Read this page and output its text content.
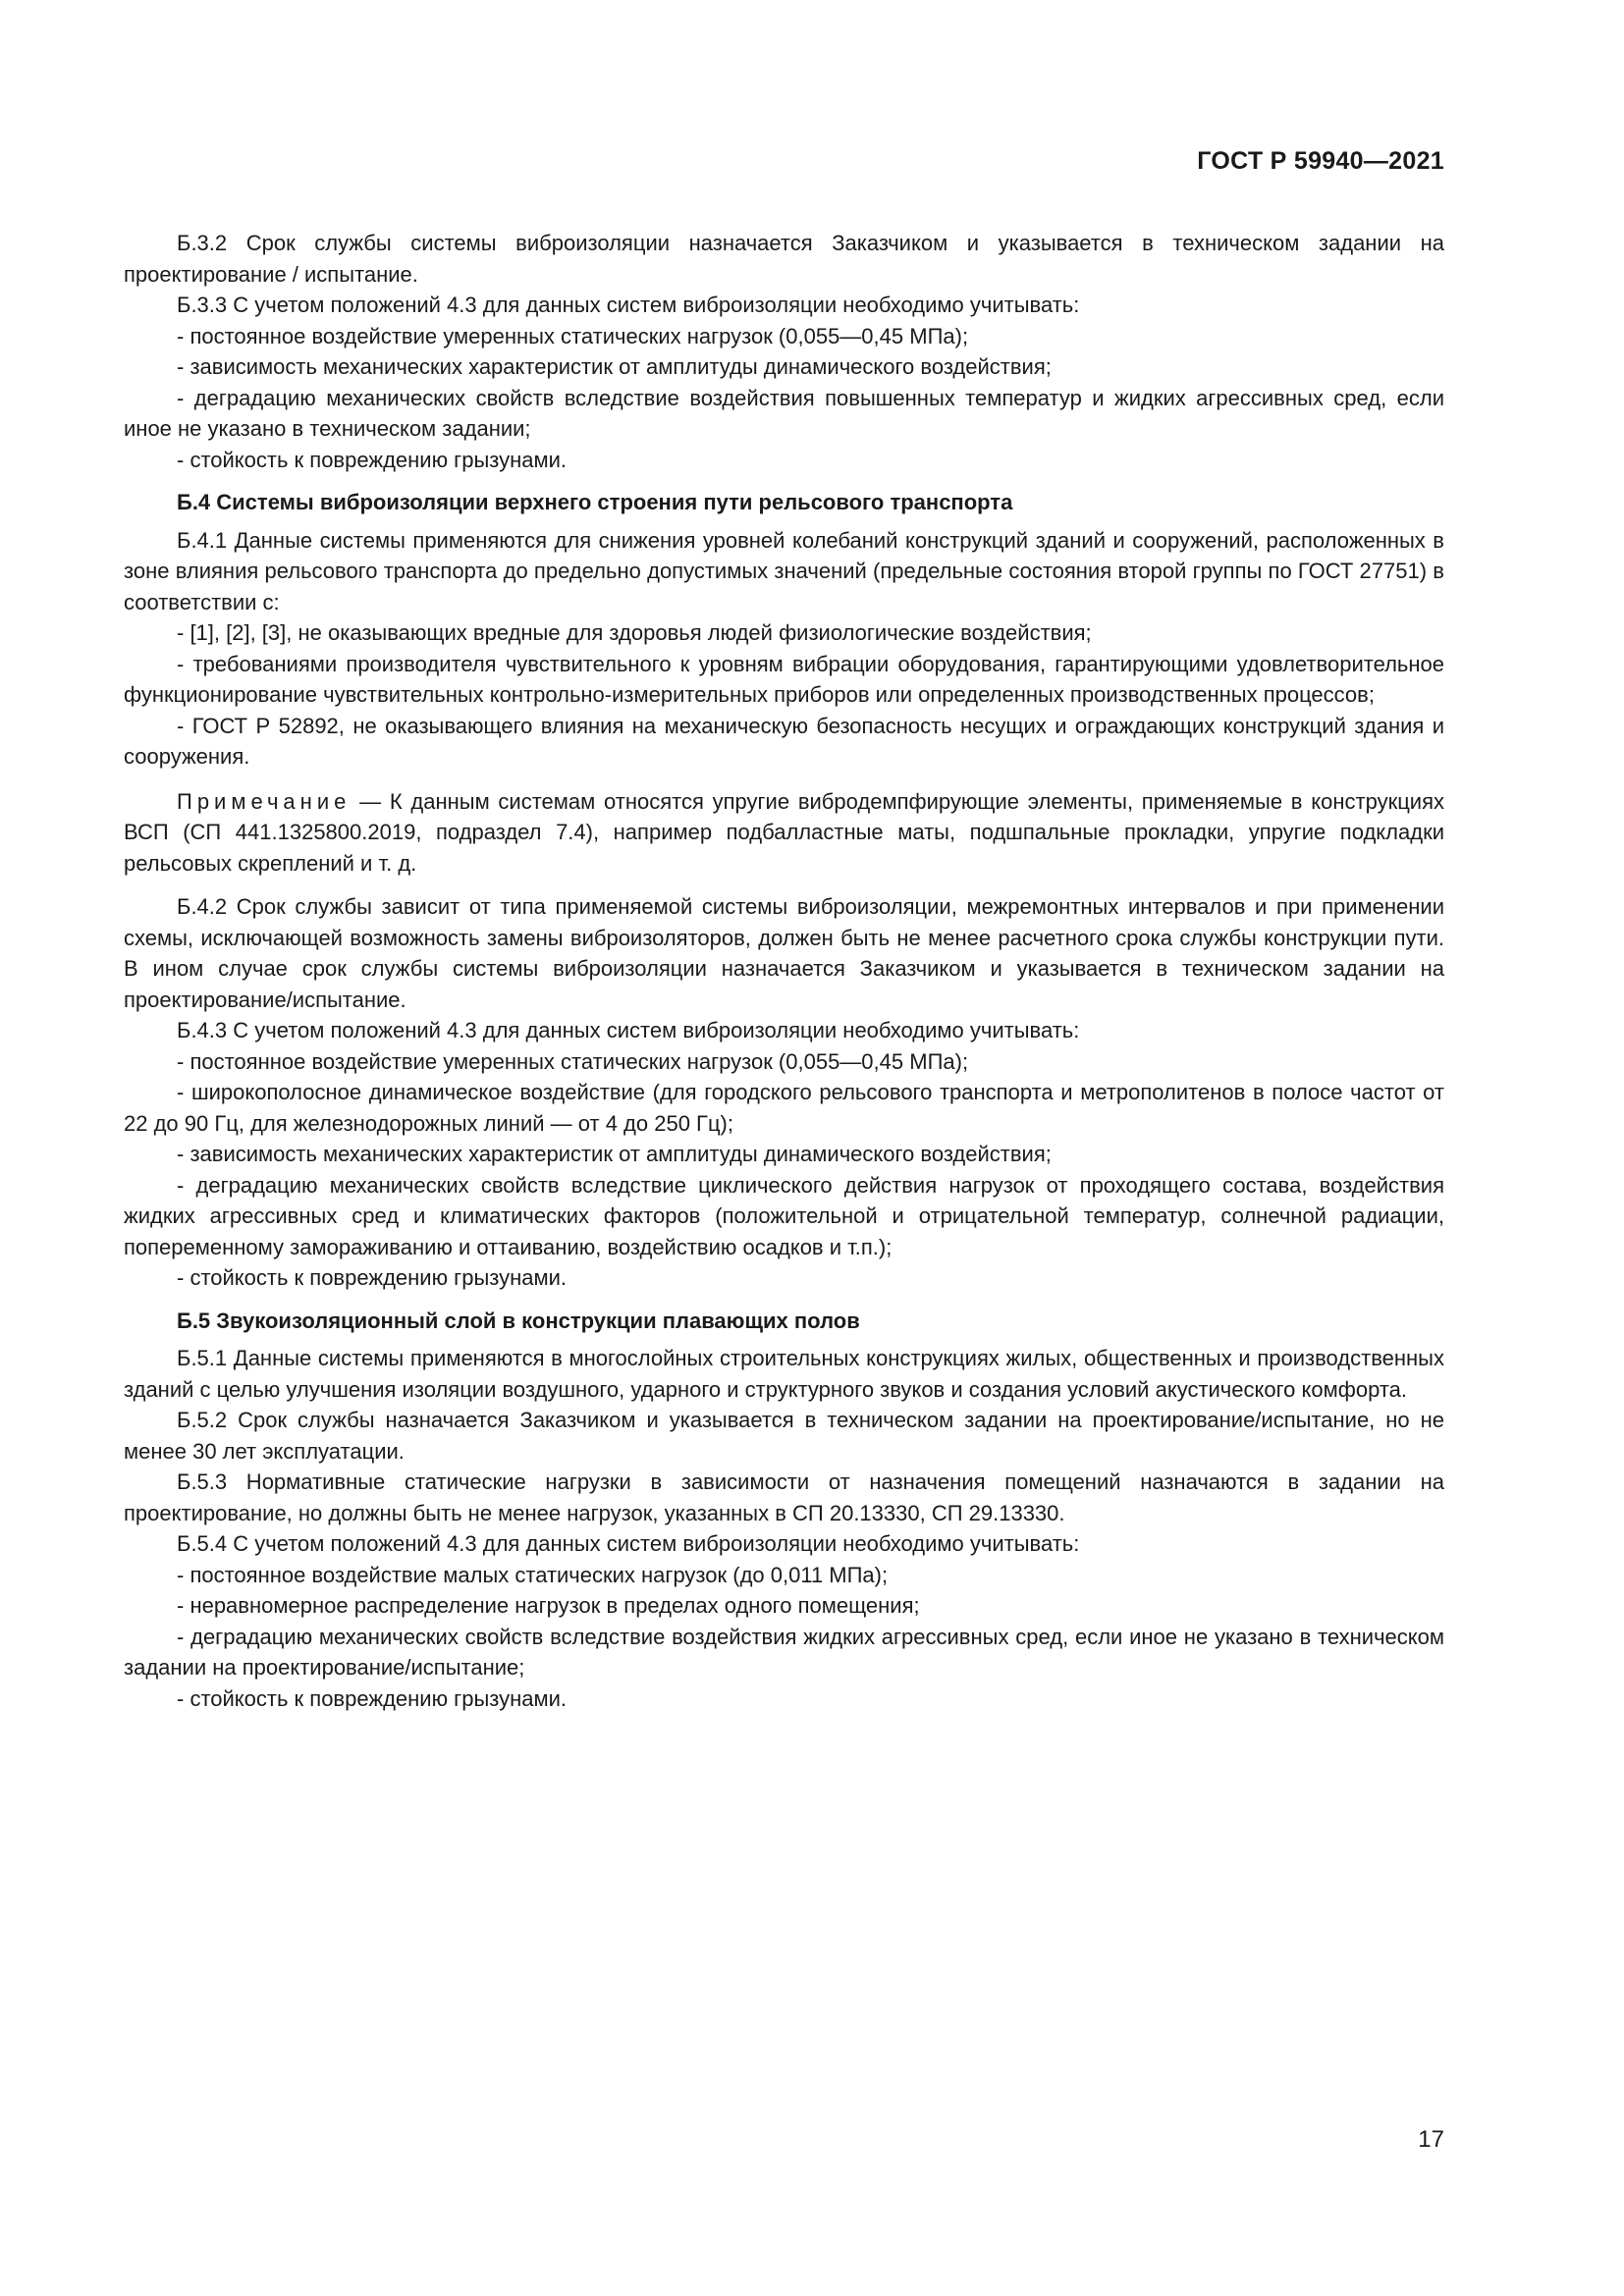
ГОСТ Р 59940—2021

Б.3.2 Срок службы системы виброизоляции назначается Заказчиком и указывается в техническом задании на проектирование / испытание.

Б.3.3 С учетом положений 4.3 для данных систем виброизоляции необходимо учитывать:

- постоянное воздействие умеренных статических нагрузок (0,055—0,45 МПа);

- зависимость механических характеристик от амплитуды динамического воздействия;

- деградацию механических свойств вследствие воздействия повышенных температур и жидких агрессивных сред, если иное не указано в техническом задании;

- стойкость к повреждению грызунами.

Б.4 Системы виброизоляции верхнего строения пути рельсового транспорта

Б.4.1 Данные системы применяются для снижения уровней колебаний конструкций зданий и сооружений, расположенных в зоне влияния рельсового транспорта до предельно допустимых значений (предельные состояния второй группы по ГОСТ 27751) в соответствии с:

- [1], [2], [3], не оказывающих вредные для здоровья людей физиологические воздействия;

- требованиями производителя чувствительного к уровням вибрации оборудования, гарантирующими удовлетворительное функционирование чувствительных контрольно-измерительных приборов или определенных производственных процессов;

- ГОСТ Р 52892, не оказывающего влияния на механическую безопасность несущих и ограждающих конструкций здания и сооружения.

Примечание — К данным системам относятся упругие вибродемпфирующие элементы, применяемые в конструкциях ВСП (СП 441.1325800.2019, подраздел 7.4), например подбалластные маты, подшпальные прокладки, упругие подкладки рельсовых скреплений и т. д.

Б.4.2 Срок службы зависит от типа применяемой системы виброизоляции, межремонтных интервалов и при применении схемы, исключающей возможность замены виброизоляторов, должен быть не менее расчетного срока службы конструкции пути. В ином случае срок службы системы виброизоляции назначается Заказчиком и указывается в техническом задании на проектирование/испытание.

Б.4.3 С учетом положений 4.3 для данных систем виброизоляции необходимо учитывать:

- постоянное воздействие умеренных статических нагрузок (0,055—0,45 МПа);

- широкополосное динамическое воздействие (для городского рельсового транспорта и метрополитенов в полосе частот от 22 до 90 Гц, для железнодорожных линий — от 4 до 250 Гц);

- зависимость механических характеристик от амплитуды динамического воздействия;

- деградацию механических свойств вследствие циклического действия нагрузок от проходящего состава, воздействия жидких агрессивных сред и климатических факторов (положительной и отрицательной температур, солнечной радиации, попеременному замораживанию и оттаиванию, воздействию осадков и т.п.);

- стойкость к повреждению грызунами.

Б.5 Звукоизоляционный слой в конструкции плавающих полов

Б.5.1 Данные системы применяются в многослойных строительных конструкциях жилых, общественных и производственных зданий с целью улучшения изоляции воздушного, ударного и структурного звуков и создания условий акустического комфорта.

Б.5.2 Срок службы назначается Заказчиком и указывается в техническом задании на проектирование/испытание, но не менее 30 лет эксплуатации.

Б.5.3 Нормативные статические нагрузки в зависимости от назначения помещений назначаются в задании на проектирование, но должны быть не менее нагрузок, указанных в СП 20.13330, СП 29.13330.

Б.5.4 С учетом положений 4.3 для данных систем виброизоляции необходимо учитывать:

- постоянное воздействие малых статических нагрузок (до 0,011 МПа);

- неравномерное распределение нагрузок в пределах одного помещения;

- деградацию механических свойств вследствие воздействия жидких агрессивных сред, если иное не указано в техническом задании на проектирование/испытание;

- стойкость к повреждению грызунами.

17
